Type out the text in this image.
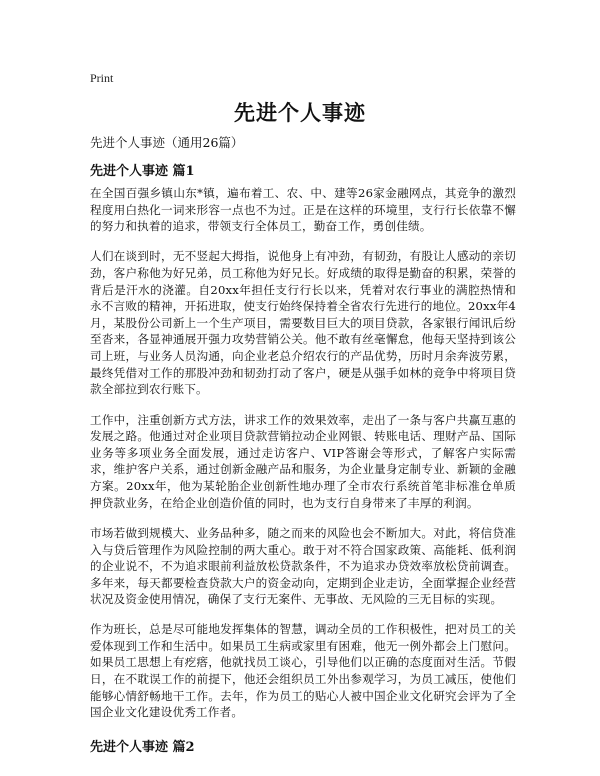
Print
先进个人事迹

先进个人事迹（通用26篇）

先进个人事迹 篇1

在全国百强乡镇山东*镇，遍布着工、农、中、建等26家金融网点，其竞争的激烈程度用白热化一词来形容一点也不为过。正是在这样的环境里，支行行长依靠不懈的努力和执着的追求，带领支行全体员工，勤奋工作，勇创佳绩。

人们在谈到时，无不竖起大拇指，说他身上有冲劲，有韧劲，有股让人感动的亲切劲，客户称他为好兄弟，员工称他为好兄长。好成绩的取得是勤奋的积累，荣誉的背后是汗水的浇灌。自20xx年担任支行行长以来，凭着对农行事业的满腔热情和永不言败的精神，开拓进取，使支行始终保持着全省农行先进行的地位。20xx年4月，某股份公司新上一个生产项目，需要数目巨大的项目贷款，各家银行闻讯后纷至沓来，各显神通展开强力攻势营销公关。他不敢有丝毫懈怠，他每天坚持到该公司上班，与业务人员沟通，向企业老总介绍农行的产品优势，历时月余奔波劳累，最终凭借对工作的那股冲劲和韧劲打动了客户，硬是从强手如林的竞争中将项目贷款全部拉到农行账下。

工作中，注重创新方式方法，讲求工作的效果效率，走出了一条与客户共赢互惠的发展之路。他通过对企业项目贷款营销拉动企业网银、转账电话、理财产品、国际业务等多项业务全面发展，通过走访客户、VIP答谢会等形式，了解客户实际需求，维护客户关系，通过创新金融产品和服务，为企业量身定制专业、新颖的金融方案。20xx年，他为某轮胎企业创新性地办理了全市农行系统首笔非标准仓单质押贷款业务，在给企业创造价值的同时，也为支行自身带来了丰厚的利润。

市场若做到规模大、业务品种多，随之而来的风险也会不断加大。对此，将信贷准入与贷后管理作为风险控制的两大重心。敢于对不符合国家政策、高能耗、低利润的企业说不，不为追求眼前利益放松贷款条件，不为追求办贷效率放松贷前调查。多年来，每天都要检查贷款大户的资金动向，定期到企业走访，全面掌握企业经营状况及资金使用情况，确保了支行无案件、无事故、无风险的三无目标的实现。

作为班长，总是尽可能地发挥集体的智慧，调动全员的工作积极性，把对员工的关爱体现到工作和生活中。如果员工生病或家里有困难，他无一例外都会上门慰问。如果员工思想上有疙瘩，他就找员工谈心，引导他们以正确的态度面对生活。节假日，在不耽误工作的前提下，他还会组织员工外出参观学习，为员工减压，使他们能够心情舒畅地干工作。去年，作为员工的贴心人被中国企业文化研究会评为了全国企业文化建设优秀工作者。

先进个人事迹 篇2
